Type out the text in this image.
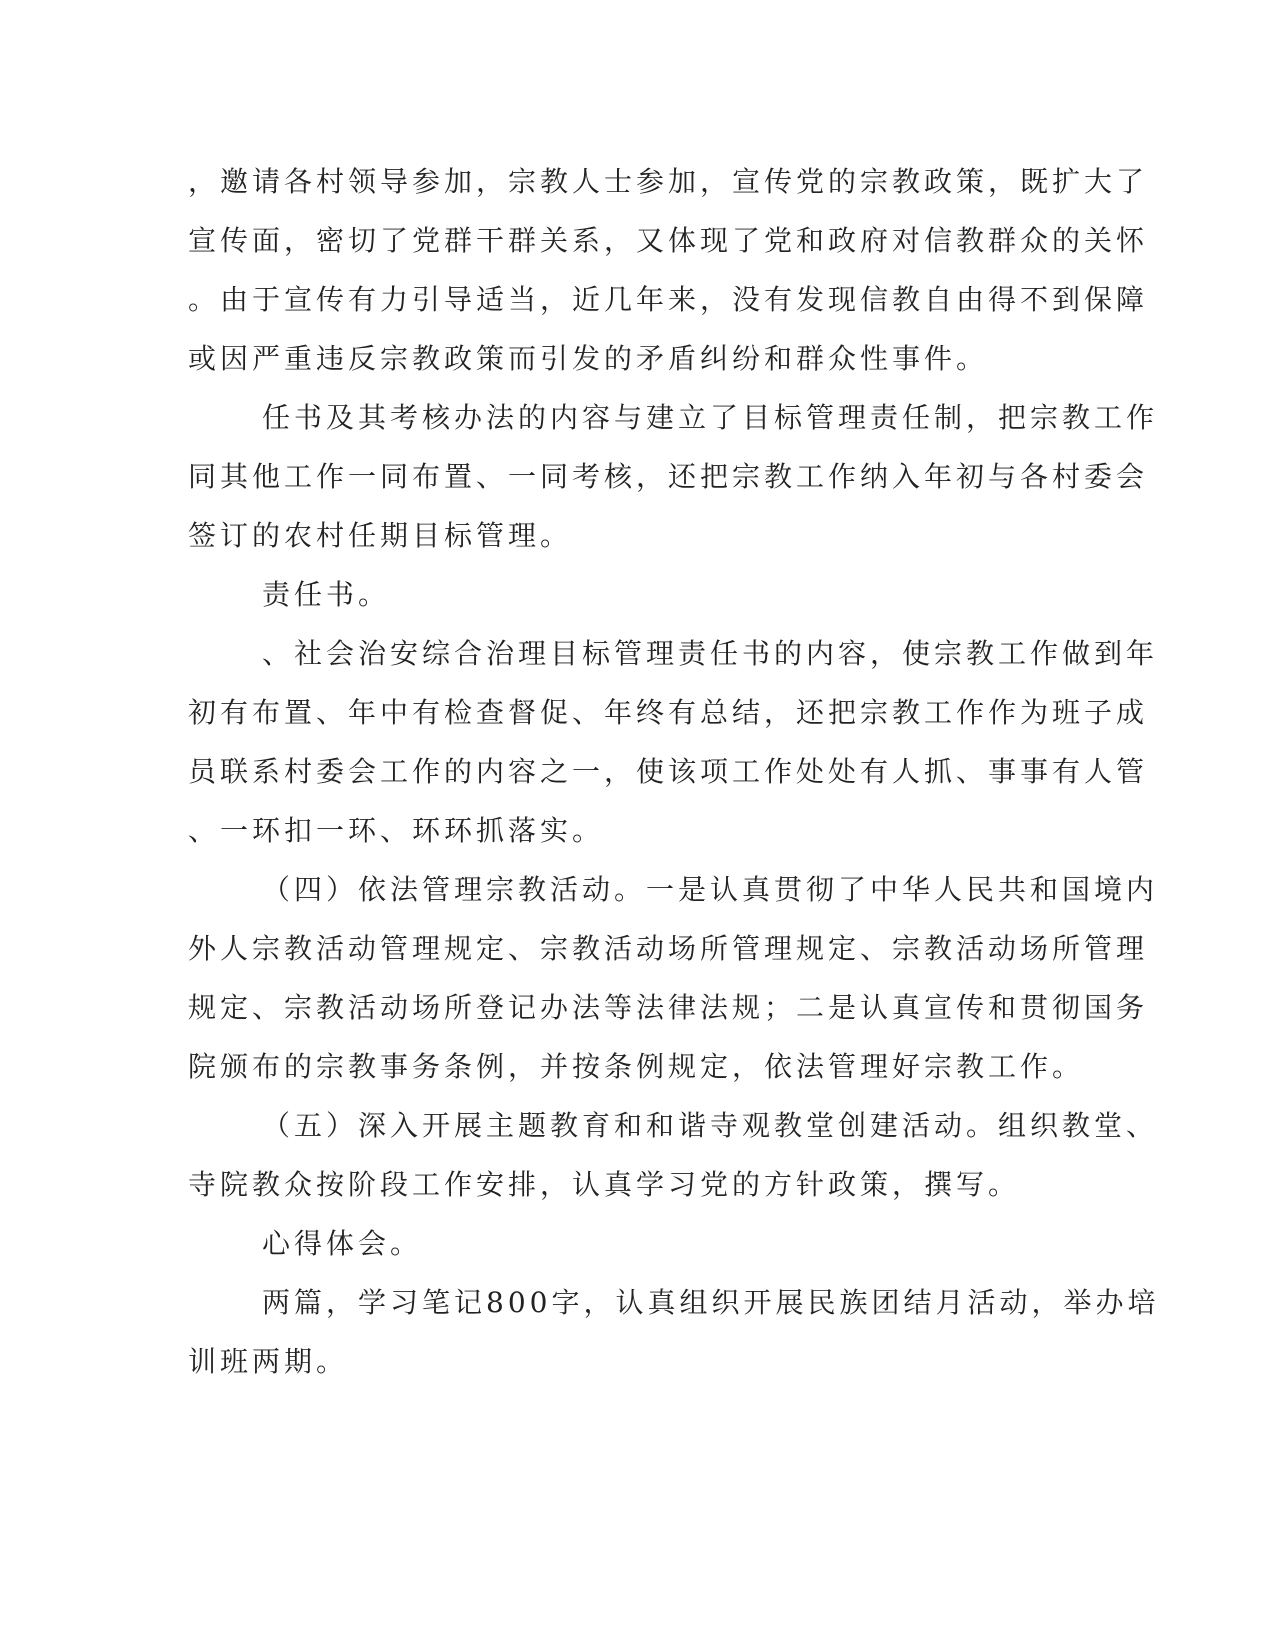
，邀请各村领导参加，宗教人士参加，宣传党的宗教政策，既扩大了
宣传面，密切了党群干群关系，又体现了党和政府对信教群众的关怀
。由于宣传有力引导适当，近几年来，没有发现信教自由得不到保障
或因严重违反宗教政策而引发的矛盾纠纷和群众性事件。

任书及其考核办法的内容与建立了目标管理责任制，把宗教工作
同其他工作一同布置、一同考核，还把宗教工作纳入年初与各村委会
签订的农村任期目标管理。

责任书。

、社会治安综合治理目标管理责任书的内容，使宗教工作做到年
初有布置、年中有检查督促、年终有总结，还把宗教工作作为班子成
员联系村委会工作的内容之一，使该项工作处处有人抓、事事有人管
、一环扣一环、环环抓落实。

（四）依法管理宗教活动。一是认真贯彻了中华人民共和国境内
外人宗教活动管理规定、宗教活动场所管理规定、宗教活动场所管理
规定、宗教活动场所登记办法等法律法规；二是认真宣传和贯彻国务
院颁布的宗教事务条例，并按条例规定，依法管理好宗教工作。

（五）深入开展主题教育和和谐寺观教堂创建活动。组织教堂、
寺院教众按阶段工作安排，认真学习党的方针政策，撰写。

心得体会。

两篇，学习笔记800字，认真组织开展民族团结月活动，举办培
训班两期。
